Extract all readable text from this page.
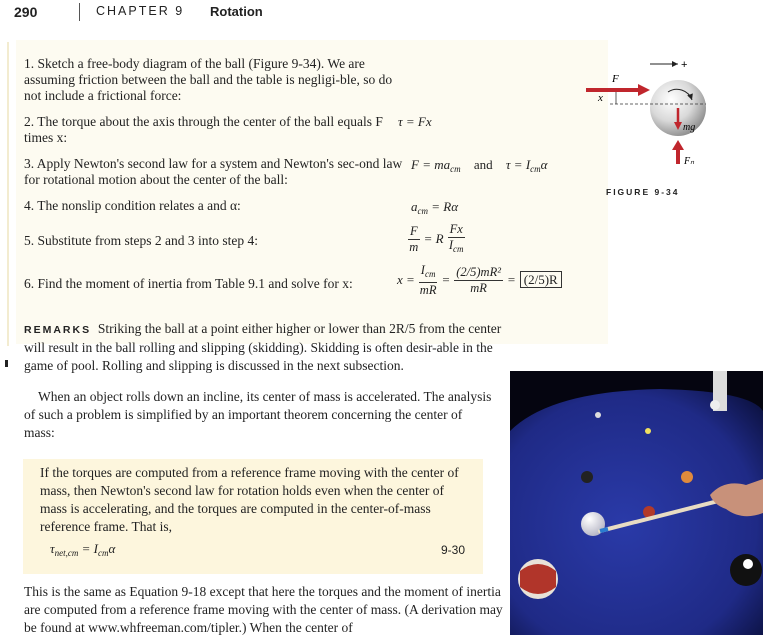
290	CHAPTER 9 Rotation
1. Sketch a free-body diagram of the ball (Figure 9-34). We are assuming friction between the ball and the table is negligi-ble, so do not include a frictional force:
2. The torque about the axis through the center of the ball equals F times x:
τ = Fx
3. Apply Newton's second law for a system and Newton's sec-ond law for rotational motion about the center of the ball:
$F = ma_{cm}$ and $\tau = I_{cm}\alpha$
4. The nonslip condition relates a and α:	$a_{cm} = R\alpha$
5. Substitute from steps 2 and 3 into step 4:	$\frac{F}{m} = R \frac{Fx}{I_{cm}}$
6. Find the moment of inertia from Table 9.1 and solve for x:	$x = \frac{I_{cm}}{mR} = \frac{\text{(2/5)mR²}}{mR} = (2/5)R$
+
x
F
mg
Fₙ
FIGURE 9-34
REMARKS Striking the ball at a point either higher or lower than 2R/5 from the center will result in the ball rolling and slipping (skidding). Skidding is often desir-able in the game of pool. Rolling and slipping is discussed in the next subsection.
When an object rolls down an incline, its center of mass is accelerated. The analysis of such a problem is simplified by an important theorem concerning the center of mass:
If the torques are computed from a reference frame moving with the center of mass, then Newton's second law for rotation holds even when the center of mass is accelerating, and the torques are computed in the center-of-mass reference frame. That is,
$\tau_{net,cm} = I_{cm}\alpha$	9-30
This is the same as Equation 9-18 except that here the torques and the moment of inertia are computed from a reference frame moving with the center of mass. (A derivation may be found at www.whfreeman.com/tipler.) When the center of
